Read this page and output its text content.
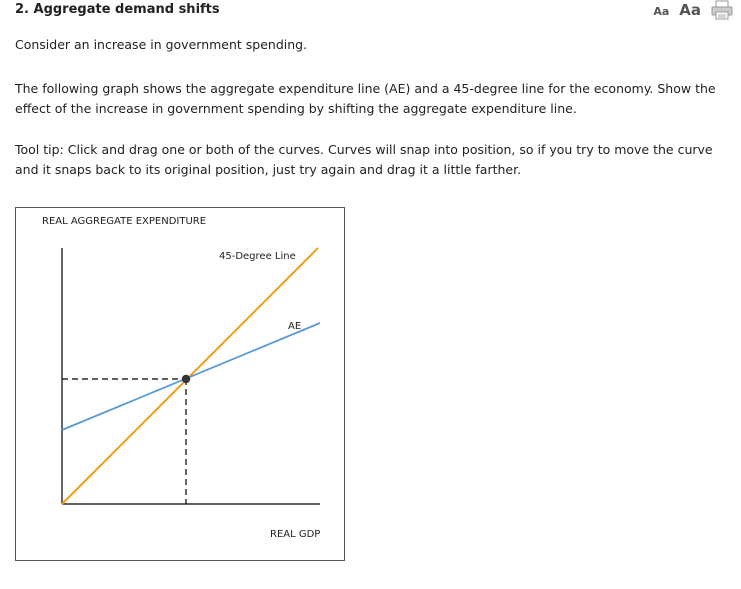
2. Aggregate demand shifts	Aa Aa
Consider an increase in government spending.
The following graph shows the aggregate expenditure line (AE) and a 45-degree line for the economy. Show the effect of the increase in government spending by shifting the aggregate expenditure line.
Tool tip: Click and drag one or both of the curves. Curves will snap into position, so if you try to move the curve and it snaps back to its original position, just try again and drag it a little farther.
REAL AGGREGATE EXPENDITURE
45-Degree Line
AE
REAL GDP
